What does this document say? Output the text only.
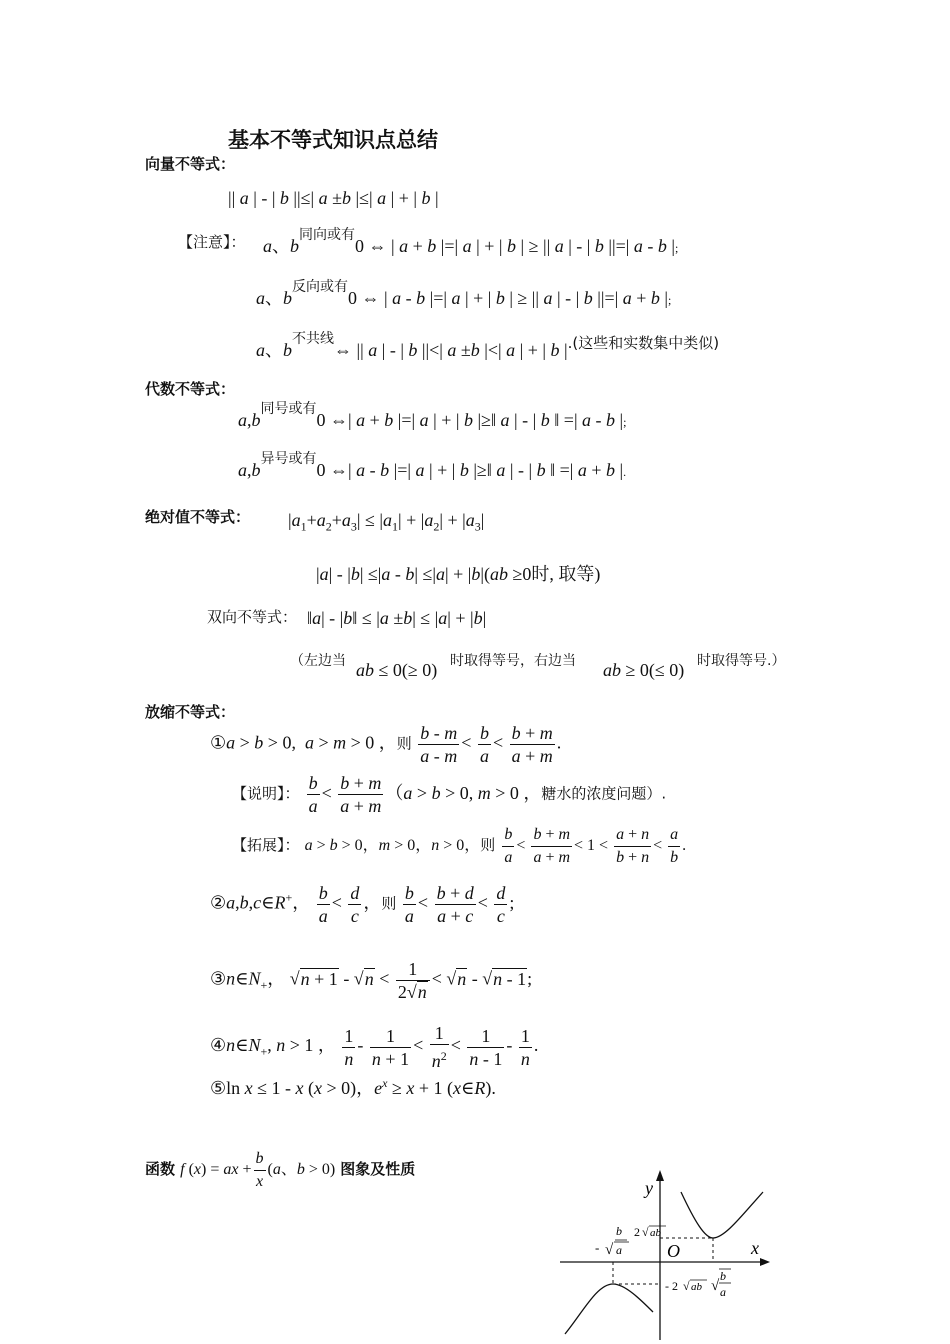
基本不等式知识点总结
向量不等式：
|| a | - | b ||≤| a ±b |≤| a | + | b |
【注意】： a、$b^{同向或有}0$ ⇔ | a + b |=| a | + | b | ≥ || a | - | b ||=| a - b |;
a、$b^{反向或有}0$ ⇔ | a - b |=| a | + | b | ≥ || a | - | b ||=| a + b |;
a、$b^{不共线}\Leftrightarrow$ || a | - | b ||<| a ±b |<| a | + | b $|^{.(这些和实数集中类似)}$
代数不等式：
$a,b^{同号或有}0$ ⇔| a + b |=| a | + | b |≥‖ a | - | b ‖ =| a - b |;
$a,b^{异号或有}0$ ⇔| a - b |=| a | + | b |≥‖ a | - | b ‖ =| a + b |.
绝对值不等式： $|a_1+a_2+a_3| \le |a_1| + |a_2| + |a_3|$
|a| - |b| ≤|a - b| ≤|a| + |b|(ab ≥0时, 取等)
双向不等式： ‖a| - |b‖ ≤ |a ±b| ≤ |a| + |b|
（左边当 ab ≤ 0(≥ 0) 时取得等号，右边当 ab ≥ 0(≤ 0) 时取得等号.）
放缩不等式：
①a > b > 0,  a > m > 0 ，则 $\frac{b - m}{a - m} < \frac{b}{a} < \frac{b + m}{a + m}$ .
【说明】： $\frac{b}{a} < \frac{b + m}{a + m} (a > b > 0$, m > 0 ，糖水的浓度问题）.
【拓展】： a > b > 0，m > 0，n > 0，则 $\frac{b}{a} < \frac{b + m}{a + m} < 1 < \frac{a + n}{b + n} < \frac{a}{b}$ .
②a,b,c∈R+， $\frac{b}{a} < \frac{d}{c}$ ，则 $\frac{b}{a} < \frac{b + d}{a + c} < \frac{d}{c}$ ;
$③n\in N_+$， $√n + 1 - √n < \frac{1}{2√n} < √n - √n - 1$;
$④n\in N_+$, n > 1 ， $\frac{1}{n} - \frac{1}{n + 1} < \frac{1}{n^2} < \frac{1}{n - 1} - \frac{1}{n}$ .
⑤ln x ≤ 1 - x (x > 0)，$e^x \ge x + 1$ (x∈R).
函数 f (x) = ax + $\frac{b}{x} (a$、b > 0) 图象及性质
y
x
O
- √
b
a
2 √ ab
- 2 √ ab √
b
a
